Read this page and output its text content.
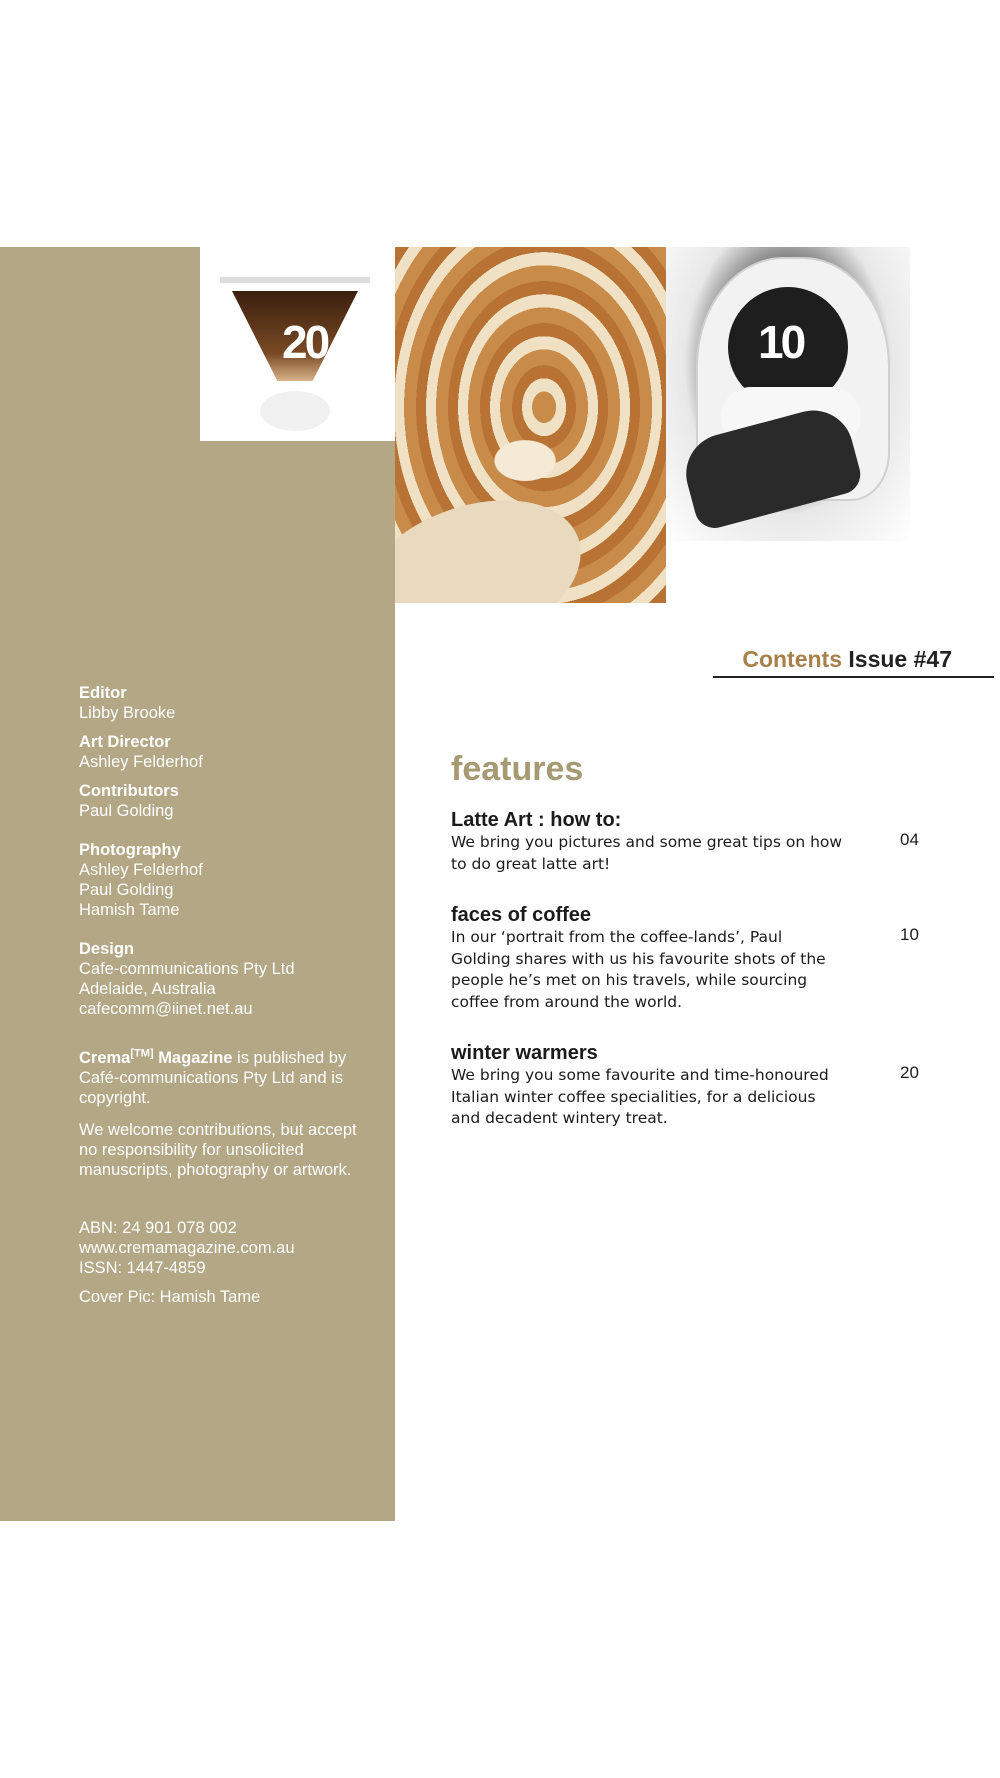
20	10
Editor
Libby Brooke
Art Director
Ashley Felderhof
Contributors
Paul Golding
Photography
Ashley Felderhof
Paul Golding
Hamish Tame
Design
Cafe-communications Pty Ltd
Adelaide, Australia
cafecomm@iinet.net.au
Crema[TM] Magazine is published by Café-communications Pty Ltd and is copyright.
We welcome contributions, but accept no responsibility for unsolicited manuscripts, photography or artwork.
ABN: 24 901 078 002
www.cremamagazine.com.au
ISSN: 1447-4859
Cover Pic: Hamish Tame
Contents Issue #47
features
Latte Art : how to:
We bring you pictures and some great tips on how to do great latte art!
04
faces of coffee
In our ‘portrait from the coffee-lands’, Paul Golding shares with us his favourite shots of the people he’s met on his travels, while sourcing coffee from around the world.
10
winter warmers
We bring you some favourite and time-honoured Italian winter coffee specialities, for a delicious and decadent wintery treat.
20
